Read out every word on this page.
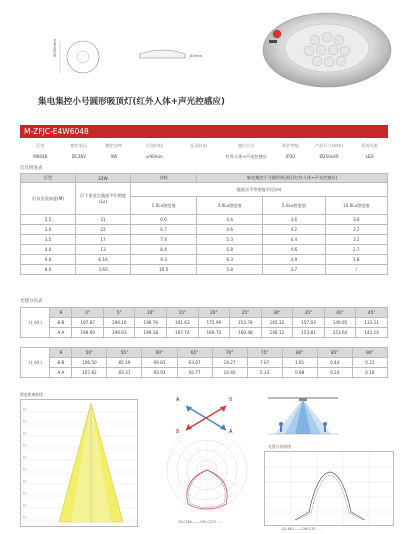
Ø250mm	40mm
集电集控小号圆形吸顶灯(红外人体+声光控感应)
M-ZFJC-E4W6048
灯型	额定电压	额定功率	应急时间	延迟时间	感应方式	防护等级	产品尺寸(mm)	适用光源
M6048	DC36V	4W	≥90min		红外人体+声光控感应	IP30	Ø250x40	LED
灯具照度表
灯型	E4W	名称	集电集控小号圆形吸顶灯(红外人体+声光控感应)		
灯具安装高度(M)	灯下垂直点地面平均照度(Lx)	地面水平等照度半径(m)			
		1.0Lx照度值	3.0Lx照度值	5.0Lx照度值	10.0Lx照度值
2.5	31	6.0	4.6	3.6	3.6
3.0	22	6.7	4.6	4.2	3.2
3.5	17	7.4	5.3	4.4	3.2
4.0	13	8.4	5.8	4.6	2.7
6.0	6.16	9.3	6.3	4.9	1.8
8.0	3.65	10.5	5.8	3.7	/
光强分布表
I ( cd )	θ	0°	5°	10°	15°	20°	25°	30°	35°	40°	45°
	B-B	197.87	199.16	198.76	191.63	175.99	153.78	145.32	157.03	149.95	133.11
	A-A	198.69	199.63	199.18	197.74	169.75	160.48	148.12	153.81	153.64	141.14
I ( cd )	θ	50°	55°	60°	65°	70°	75°	80°	85°	90°
	B-B	106.50	85.19	69.83	63.67	19.27	7.67	1.61	0.44	0.22
	A-A	107.82	83.37	93.93	56.77	14.40	5.33	0.98	0.24	0.18
照度距离曲线
Lx
Lx
Lx
Lx
Lx
Lx
Lx
Lx
Lx
Lx
A	B
A
B
C0-C180 —— C90-C270 - - -
光强分布曲线
C0-180 —— C90-270 - - -
